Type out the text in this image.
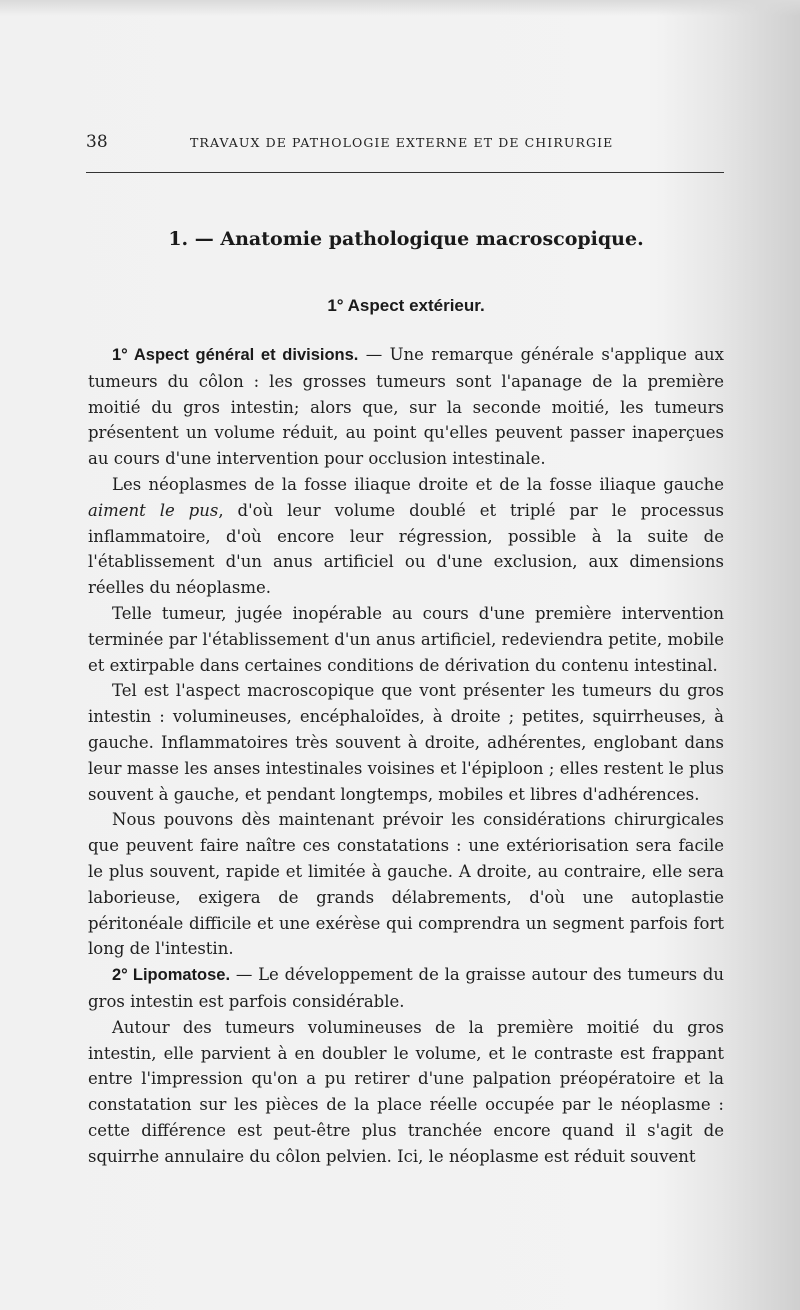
38	TRAVAUX DE PATHOLOGIE EXTERNE ET DE CHIRURGIE
1. — Anatomie pathologique macroscopique.
1° Aspect extérieur.

1° Aspect général et divisions. — Une remarque générale s'applique aux tumeurs du côlon : les grosses tumeurs sont l'apanage de la première moitié du gros intestin; alors que, sur la seconde moitié, les tumeurs présentent un volume réduit, au point qu'elles peuvent passer inaperçues au cours d'une intervention pour occlusion intestinale.

Les néoplasmes de la fosse iliaque droite et de la fosse iliaque gauche aiment le pus, d'où leur volume doublé et triplé par le processus inflammatoire, d'où encore leur régression, possible à la suite de l'établissement d'un anus artificiel ou d'une exclusion, aux dimensions réelles du néoplasme.

Telle tumeur, jugée inopérable au cours d'une première intervention terminée par l'établissement d'un anus artificiel, redeviendra petite, mobile et extirpable dans certaines conditions de dérivation du contenu intestinal.

Tel est l'aspect macroscopique que vont présenter les tumeurs du gros intestin : volumineuses, encéphaloïdes, à droite ; petites, squirrheuses, à gauche. Inflammatoires très souvent à droite, adhérentes, englobant dans leur masse les anses intestinales voisines et l'épiploon ; elles restent le plus souvent à gauche, et pendant longtemps, mobiles et libres d'adhérences.

Nous pouvons dès maintenant prévoir les considérations chirurgicales que peuvent faire naître ces constatations : une extériorisation sera facile le plus souvent, rapide et limitée à gauche. A droite, au contraire, elle sera laborieuse, exigera de grands délabrements, d'où une autoplastie péritonéale difficile et une exérèse qui comprendra un segment parfois fort long de l'intestin.

2° Lipomatose. — Le développement de la graisse autour des tumeurs du gros intestin est parfois considérable.

Autour des tumeurs volumineuses de la première moitié du gros intestin, elle parvient à en doubler le volume, et le contraste est frappant entre l'impression qu'on a pu retirer d'une palpation préopératoire et la constatation sur les pièces de la place réelle occupée par le néoplasme : cette différence est peut-être plus tranchée encore quand il s'agit de squirrhe annulaire du côlon pelvien. Ici, le néoplasme est réduit souvent
